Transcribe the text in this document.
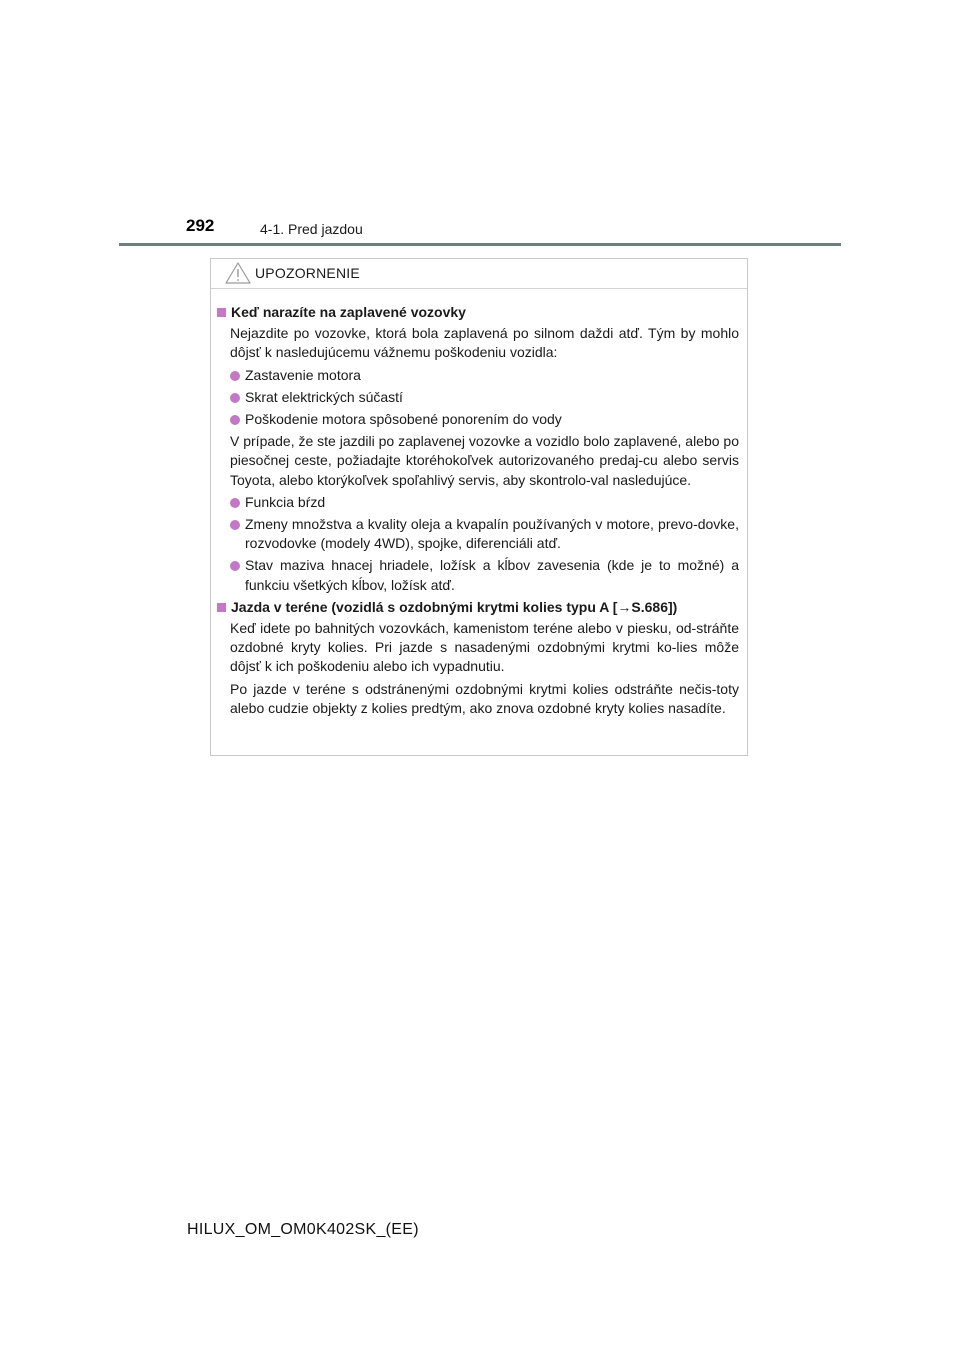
292	4-1. Pred jazdou
UPOZORNENIE
Keď narazíte na zaplavené vozovky
Nejazdite po vozovke, ktorá bola zaplavená po silnom daždi atď. Tým by mohlo dôjsť k nasledujúcemu vážnemu poškodeniu vozidla:
Zastavenie motora
Skrat elektrických súčastí
Poškodenie motora spôsobené ponorením do vody
V prípade, že ste jazdili po zaplavenej vozovke a vozidlo bolo zaplavené, alebo po piesočnej ceste, požiadajte ktoréhokoľvek autorizovaného predaj-cu alebo servis Toyota, alebo ktorýkoľvek spoľahlivý servis, aby skontrolo-val nasledujúce.
Funkcia bŕzd
Zmeny množstva a kvality oleja a kvapalín používaných v motore, prevo-dovke, rozvodovke (modely 4WD), spojke, diferenciáli atď.
Stav maziva hnacej hriadele, ložísk a kĺbov zavesenia (kde je to možné) a funkciu všetkých kĺbov, ložísk atď.
Jazda v teréne (vozidlá s ozdobnými krytmi kolies typu A [→S.686])
Keď idete po bahnitých vozovkách, kamenistom teréne alebo v piesku, od-stráňte ozdobné kryty kolies. Pri jazde s nasadenými ozdobnými krytmi ko-lies môže dôjsť k ich poškodeniu alebo ich vypadnutiu.
Po jazde v teréne s odstránenými ozdobnými krytmi kolies odstráňte nečis-toty alebo cudzie objekty z kolies predtým, ako znova ozdobné kryty kolies nasadíte.
HILUX_OM_OM0K402SK_(EE)
